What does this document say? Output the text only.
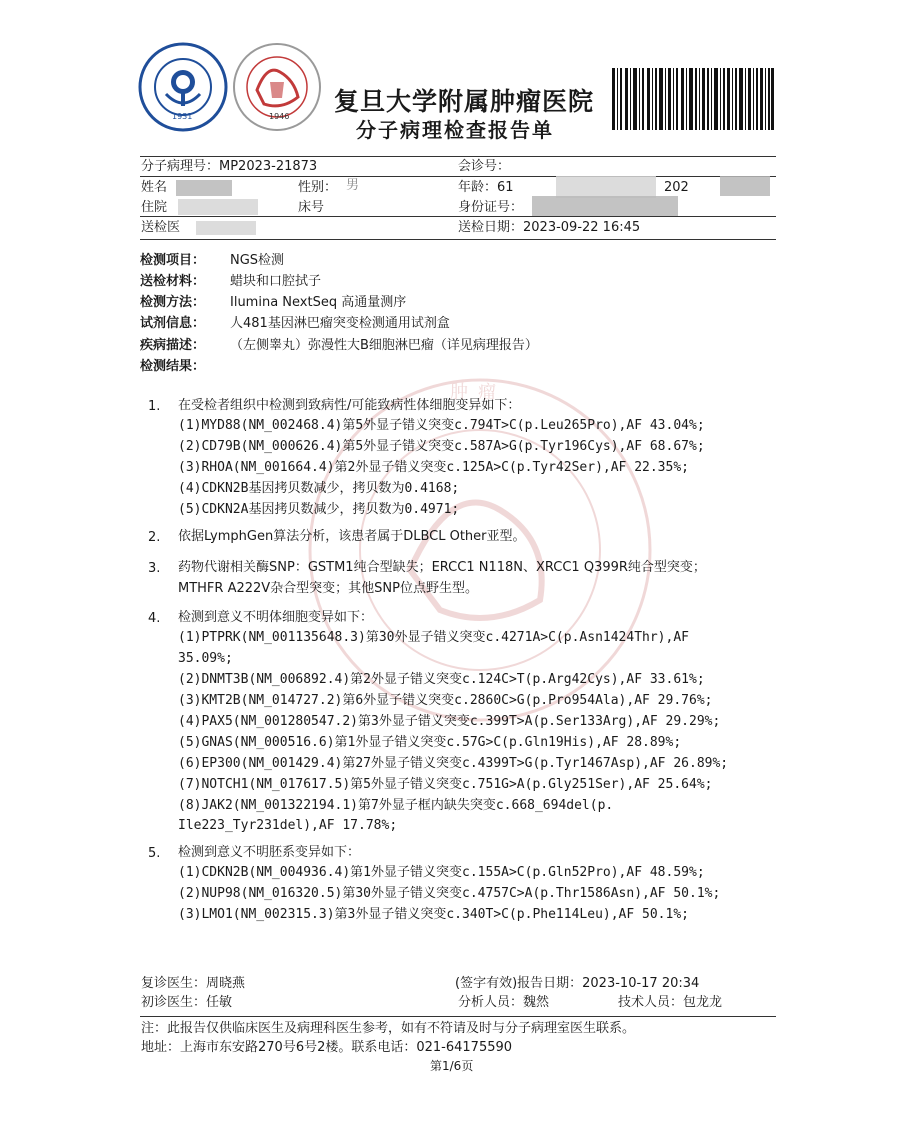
1931	1946
复旦大学附属肿瘤医院
分子病理检查报告单
肿瘤
分子病理号：MP2023-21873	会诊号：
姓名	性别： 男	年龄：61	202
住院	床号	身份证号：
送检医	送检日期：2023-09-22 16:45
检测项目： NGS检测
送检材料： 蜡块和口腔拭子
检测方法： Ilumina NextSeq 高通量测序
试剂信息： 人481基因淋巴瘤突变检测通用试剂盒
疾病描述： （左侧睾丸）弥漫性大B细胞淋巴瘤（详见病理报告）
检测结果：
1. 在受检者组织中检测到致病性/可能致病性体细胞变异如下：
(1)MYD88(NM_002468.4)第5外显子错义突变c.794T>C(p.Leu265Pro),AF 43.04%;
(2)CD79B(NM_000626.4)第5外显子错义突变c.587A>G(p.Tyr196Cys),AF 68.67%;
(3)RHOA(NM_001664.4)第2外显子错义突变c.125A>C(p.Tyr42Ser),AF 22.35%;
(4)CDKN2B基因拷贝数减少，拷贝数为0.4168;
(5)CDKN2A基因拷贝数减少，拷贝数为0.4971;
2. 依据LymphGen算法分析，该患者属于DLBCL Other亚型。
3. 药物代谢相关酶SNP：GSTM1纯合型缺失；ERCC1 N118N、XRCC1 Q399R纯合型突变；
MTHFR A222V杂合型突变；其他SNP位点野生型。
4. 检测到意义不明体细胞变异如下：
(1)PTPRK(NM_001135648.3)第30外显子错义突变c.4271A>C(p.Asn1424Thr),AF
35.09%;
(2)DNMT3B(NM_006892.4)第2外显子错义突变c.124C>T(p.Arg42Cys),AF 33.61%;
(3)KMT2B(NM_014727.2)第6外显子错义突变c.2860C>G(p.Pro954Ala),AF 29.76%;
(4)PAX5(NM_001280547.2)第3外显子错义突变c.399T>A(p.Ser133Arg),AF 29.29%;
(5)GNAS(NM_000516.6)第1外显子错义突变c.57G>C(p.Gln19His),AF 28.89%;
(6)EP300(NM_001429.4)第27外显子错义突变c.4399T>G(p.Tyr1467Asp),AF 26.89%;
(7)NOTCH1(NM_017617.5)第5外显子错义突变c.751G>A(p.Gly251Ser),AF 25.64%;
(8)JAK2(NM_001322194.1)第7外显子框内缺失突变c.668_694del(p.
Ile223_Tyr231del),AF 17.78%;
5. 检测到意义不明胚系变异如下：
(1)CDKN2B(NM_004936.4)第1外显子错义突变c.155A>C(p.Gln52Pro),AF 48.59%;
(2)NUP98(NM_016320.5)第30外显子错义突变c.4757C>A(p.Thr1586Asn),AF 50.1%;
(3)LMO1(NM_002315.3)第3外显子错义突变c.340T>C(p.Phe114Leu),AF 50.1%;
复诊医生：周晓燕	(签字有效)报告日期：2023-10-17 20:34
初诊医生：任敏	分析人员：魏然	技术人员：包龙龙
注：此报告仅供临床医生及病理科医生参考，如有不符请及时与分子病理室医生联系。
地址：上海市东安路270号6号2楼。联系电话：021-64175590
第1/6页
